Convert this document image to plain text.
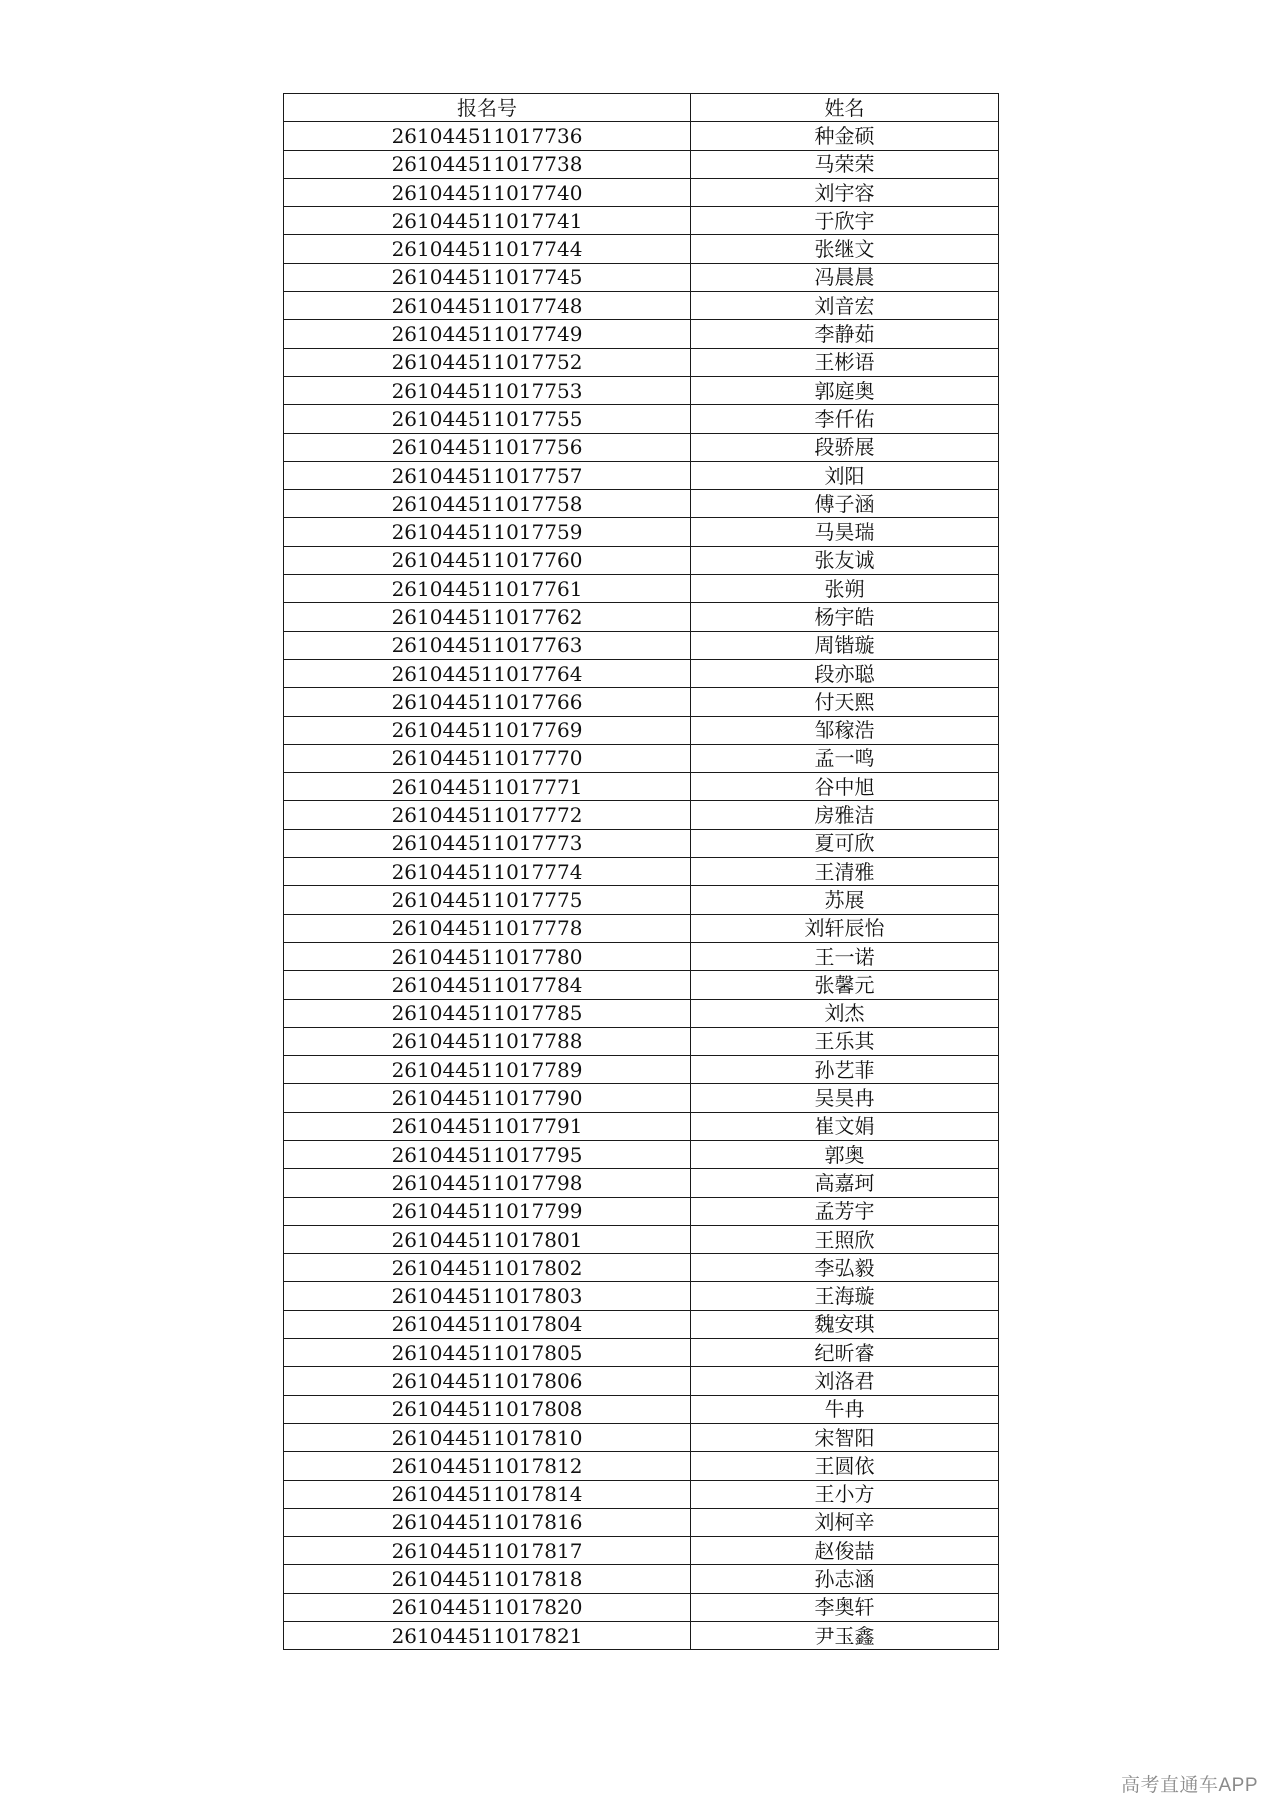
报名号	姓名
261044511017736	种金硕
261044511017738	马荣荣
261044511017740	刘宇容
261044511017741	于欣宇
261044511017744	张继文
261044511017745	冯晨晨
261044511017748	刘音宏
261044511017749	李静茹
261044511017752	王彬语
261044511017753	郭庭奥
261044511017755	李仟佑
261044511017756	段骄展
261044511017757	刘阳
261044511017758	傅子涵
261044511017759	马昊瑞
261044511017760	张友诚
261044511017761	张朔
261044511017762	杨宇皓
261044511017763	周锴璇
261044511017764	段亦聪
261044511017766	付天熙
261044511017769	邹稼浩
261044511017770	孟一鸣
261044511017771	谷中旭
261044511017772	房雅洁
261044511017773	夏可欣
261044511017774	王清雅
261044511017775	苏展
261044511017778	刘轩辰怡
261044511017780	王一诺
261044511017784	张馨元
261044511017785	刘杰
261044511017788	王乐其
261044511017789	孙艺菲
261044511017790	吴昊冉
261044511017791	崔文娟
261044511017795	郭奥
261044511017798	高嘉珂
261044511017799	孟芳宇
261044511017801	王照欣
261044511017802	李弘毅
261044511017803	王海璇
261044511017804	魏安琪
261044511017805	纪昕睿
261044511017806	刘洛君
261044511017808	牛冉
261044511017810	宋智阳
261044511017812	王圆依
261044511017814	王小方
261044511017816	刘柯辛
261044511017817	赵俊喆
261044511017818	孙志涵
261044511017820	李奥轩
261044511017821	尹玉鑫
高考直通车APP
